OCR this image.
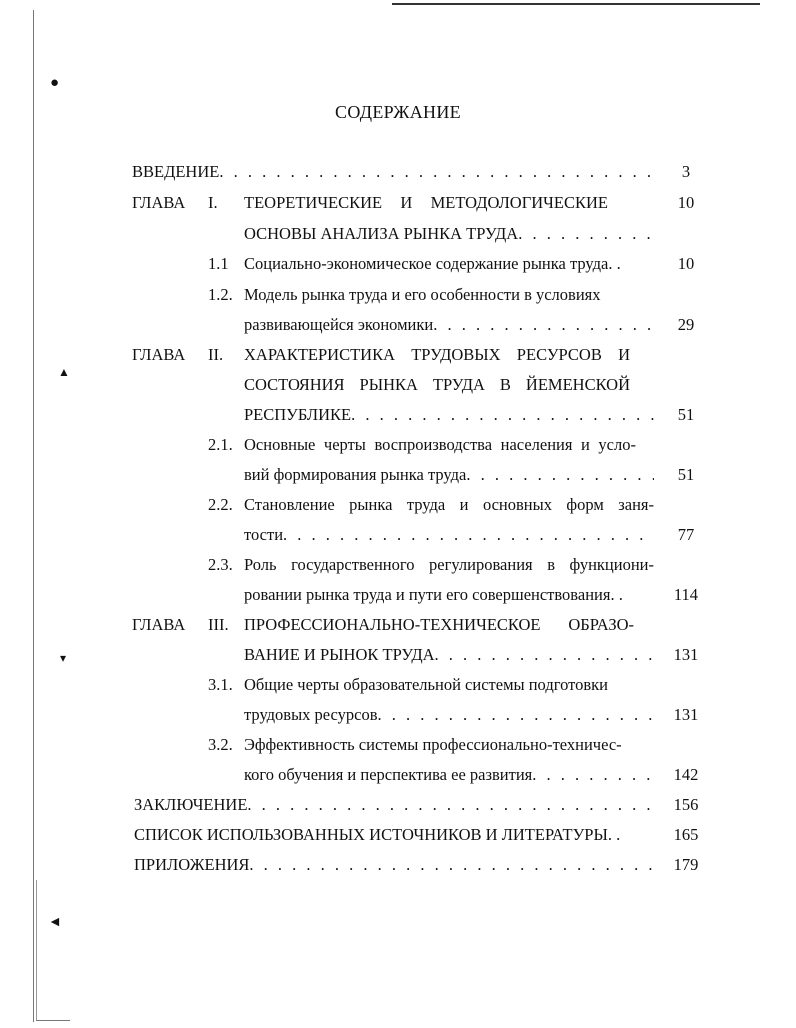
●
▲
▾
◄
СОДЕРЖАНИЕ
ВВЕДЕНИЕ . . .	3
ГЛАВА I. ТЕОРЕТИЧЕСКИЕ И МЕТОДОЛОГИЧЕСКИЕ	10
ОСНОВЫ АНАЛИЗА РЫНКА ТРУДА
. . .
1.1 Социально-экономическое содержание рынка труда. .	10
1.2. Модель рынка труда и его особенности в условиях
развивающейся экономики . . .	29
ГЛАВА II. ХАРАКТЕРИСТИКА ТРУДОВЫХ РЕСУРСОВ И
СОСТОЯНИЯ РЫНКА ТРУДА В ЙЕМЕНСКОЙ
РЕСПУБЛИКЕ . . .	51
2.1. Основные черты воспроизводства населения и усло-
вий формирования рынка труда . . .	51
2.2. Становление рынка труда и основных форм заня-
тости . . .	77
2.3. Роль государственного регулирования в функциони-
ровании рынка труда и пути его совершенствования. .	114
ГЛАВА III. ПРОФЕССИОНАЛЬНО-ТЕХНИЧЕСКОЕ ОБРАЗО-
ВАНИЕ И РЫНОК ТРУДА . . .	131
3.1. Общие черты образовательной системы подготовки
трудовых ресурсов . . .	131
3.2. Эффективность системы профессионально-техничес-
кого обучения и перспектива ее развития . . .	142
ЗАКЛЮЧЕНИЕ . . .	156
СПИСОК ИСПОЛЬЗОВАННЫХ ИСТОЧНИКОВ И ЛИТЕРАТУРЫ. .	165
ПРИЛОЖЕНИЯ . . .	179
